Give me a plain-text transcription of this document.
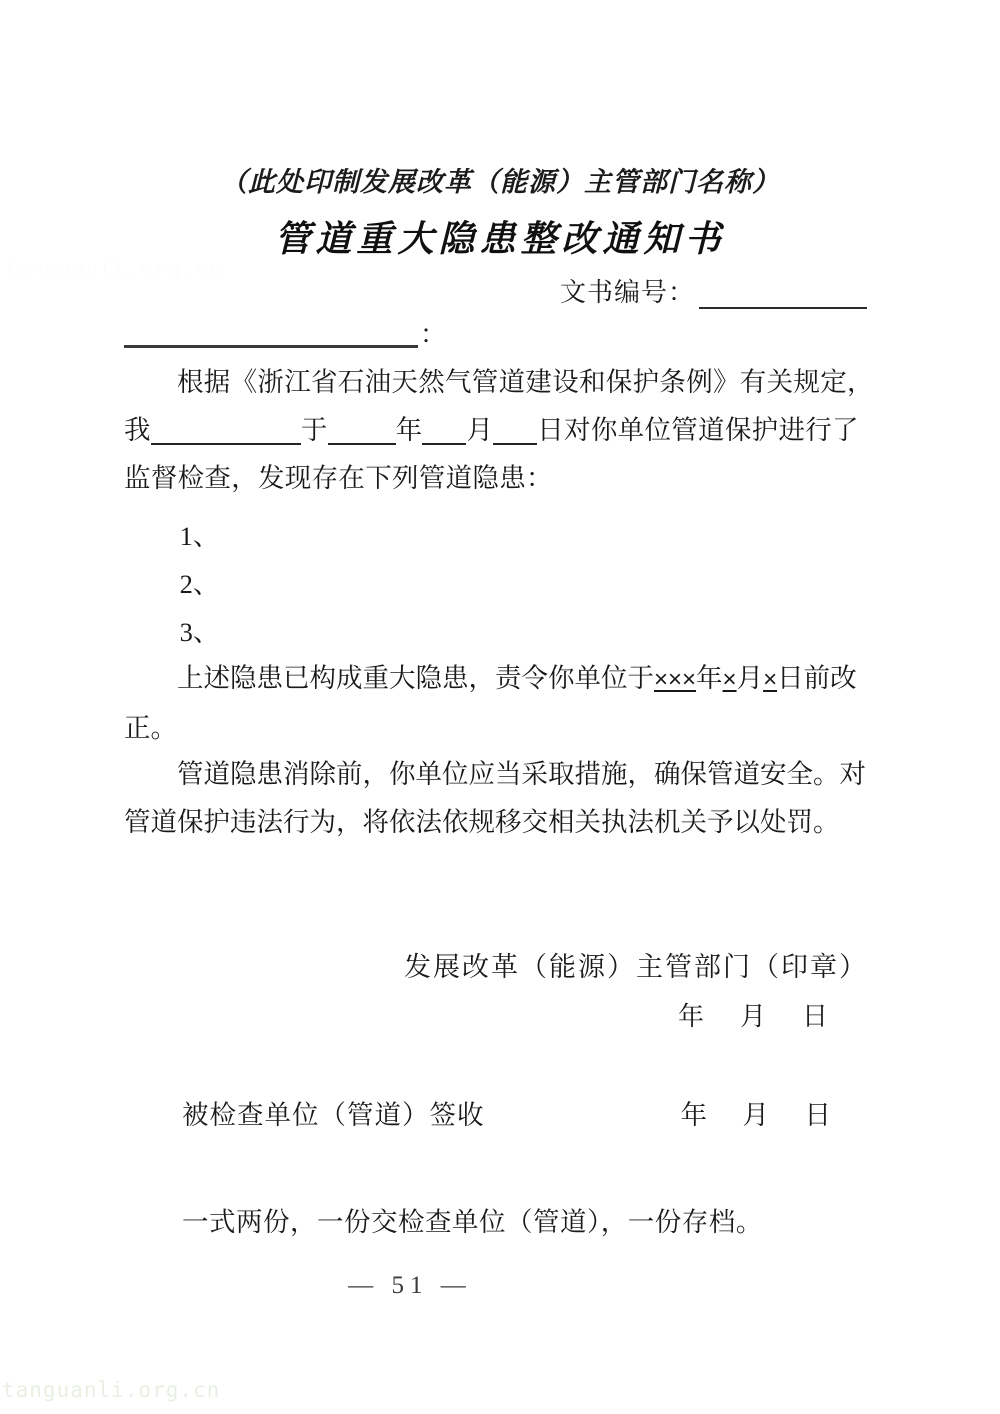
（此处印制发展改革（能源）主管部门名称）
管道重大隐患整改通知书
文书编号：
：

根据《浙江省石油天然气管道建设和保护条例》有关规定，我	于	年 月 日对你单位管道保护进行了监督检查，发现存在下列管道隐患：

1、
2、
3、
上述隐患已构成重大隐患，责令你单位于×××年×月×日前改正。
管道隐患消除前，你单位应当采取措施，确保管道安全。对管道保护违法行为，将依法依规移交相关执法机关予以处罚。
发展改革（能源）主管部门（印章）
年 月 日
被检查单位（管道）签收	年 月 日
一式两份，一份交检查单位（管道），一份存档。
— 51 —
tanguanli.org.cn
tanguanli.org.cn
